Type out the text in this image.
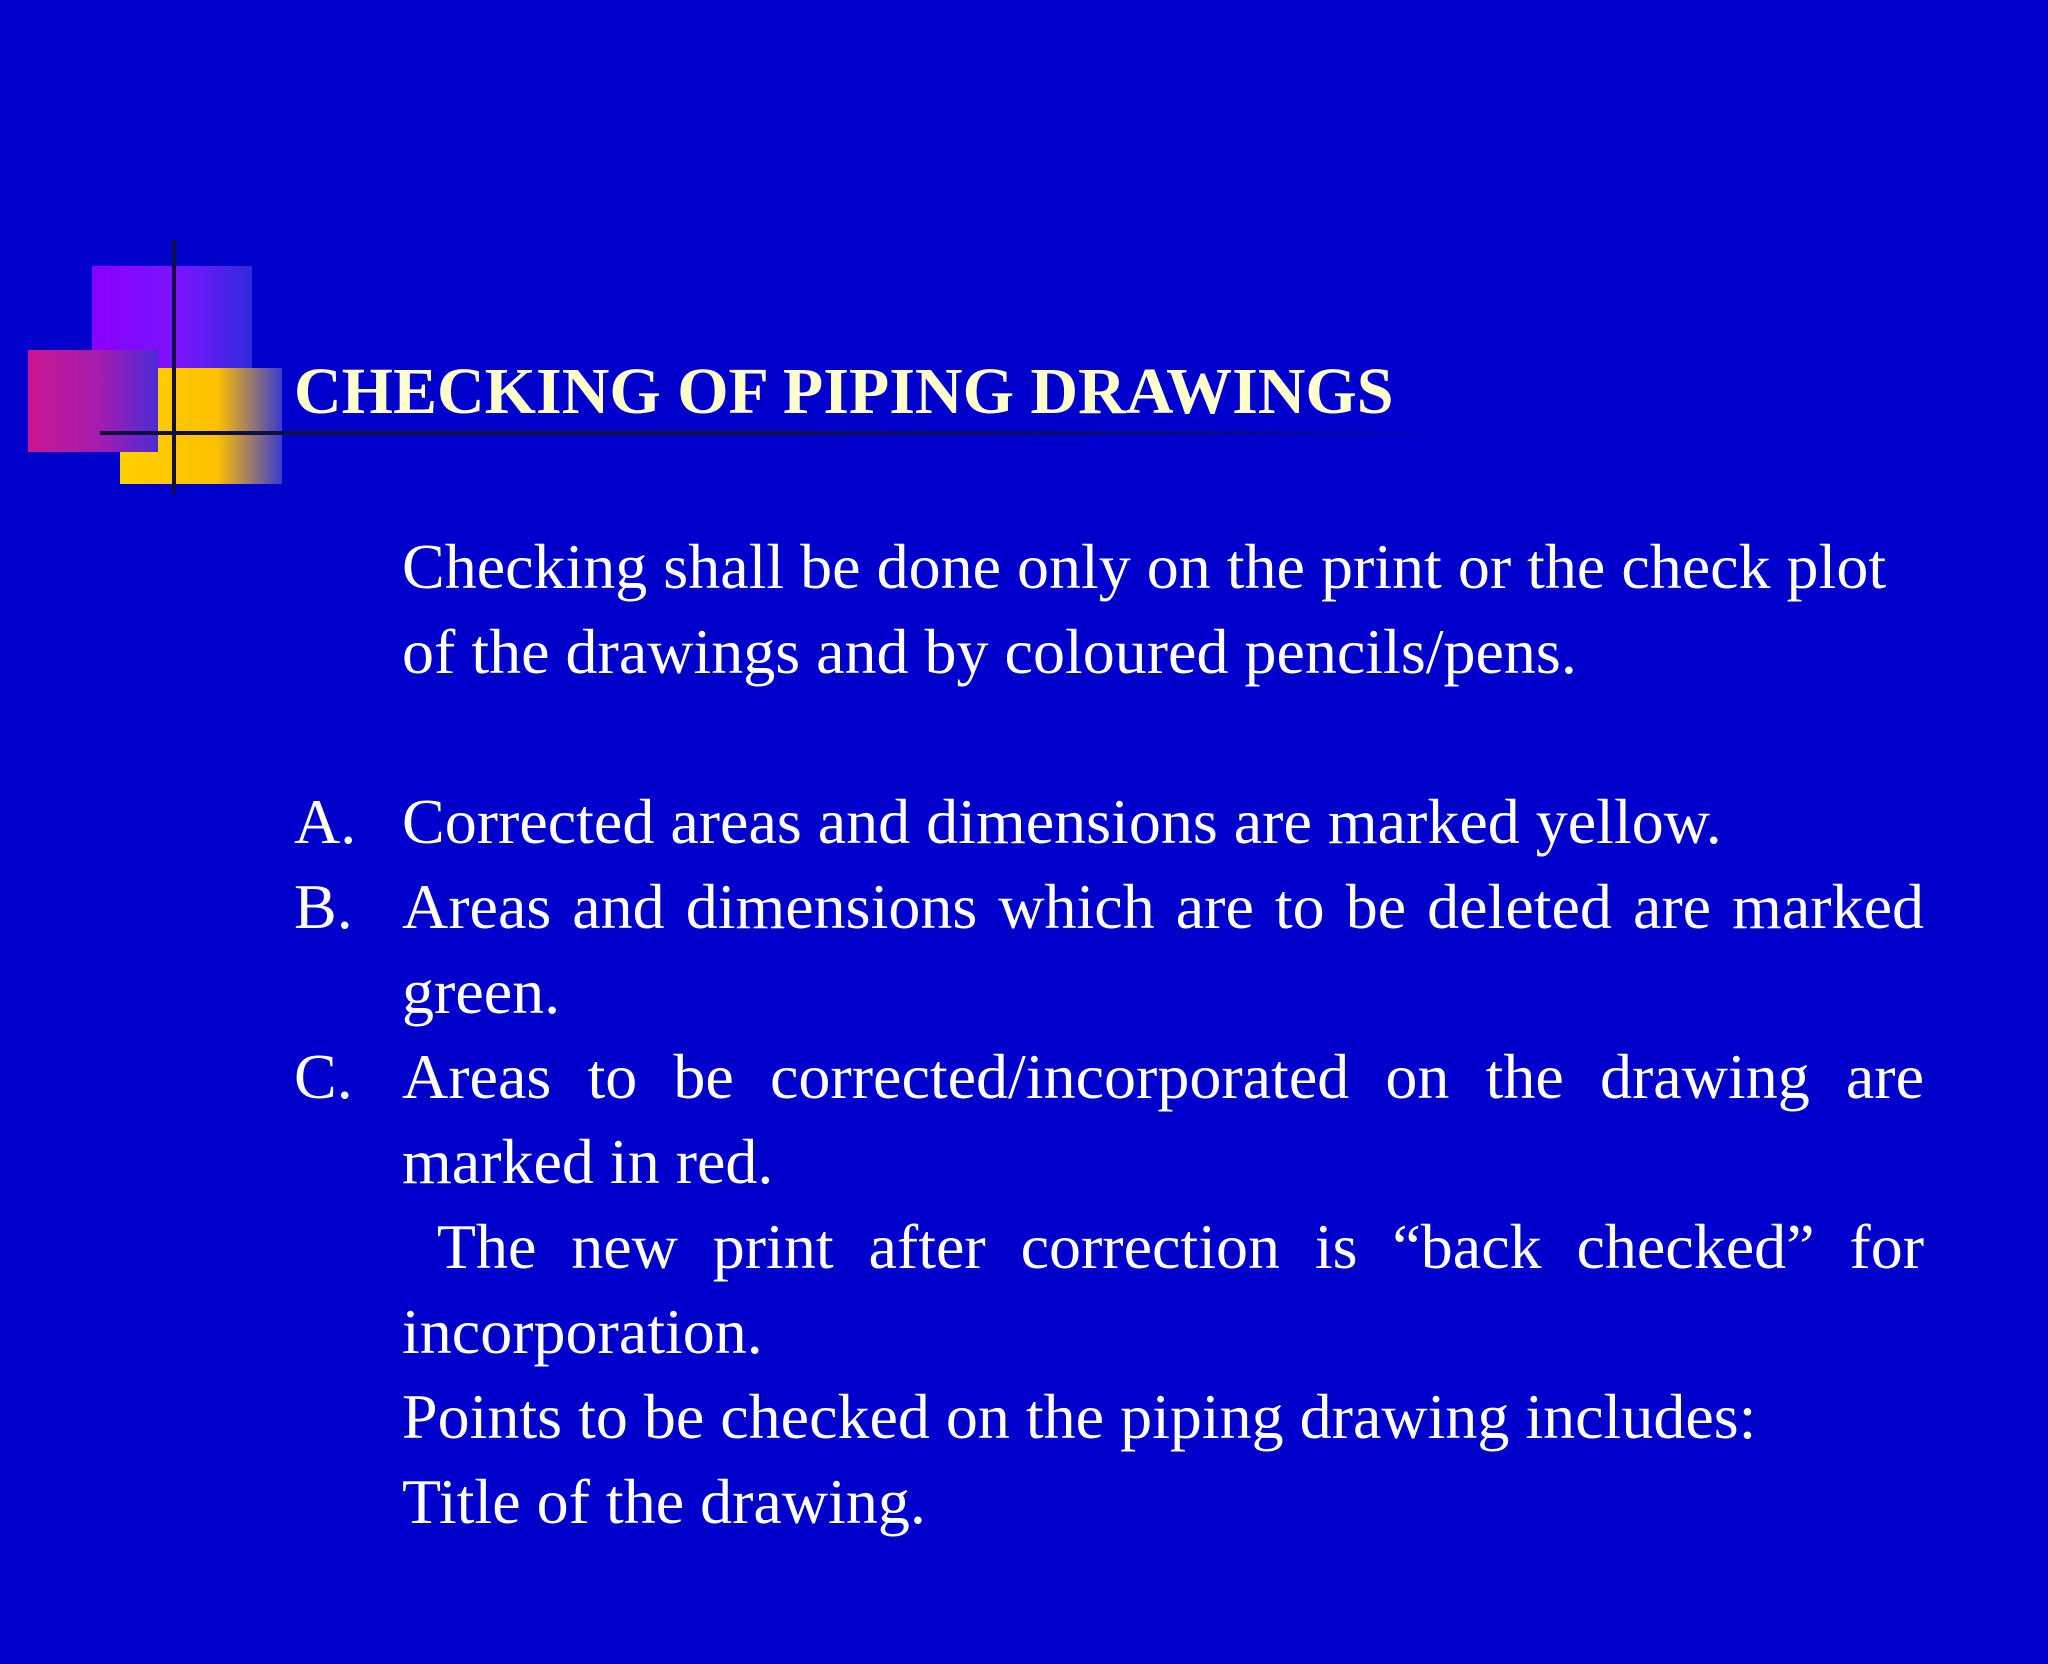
CHECKING OF PIPING DRAWINGS

Checking shall be done only on the print or the check plot of the drawings and by coloured pencils/pens.

A. Corrected areas and dimensions are marked yellow.
B. Areas and dimensions which are to be deleted are marked green.
C. Areas to be corrected/incorporated on the drawing are marked in red.

The new print after correction is “back checked” for incorporation.

Points to be checked on the piping drawing includes:

Title of the drawing.
